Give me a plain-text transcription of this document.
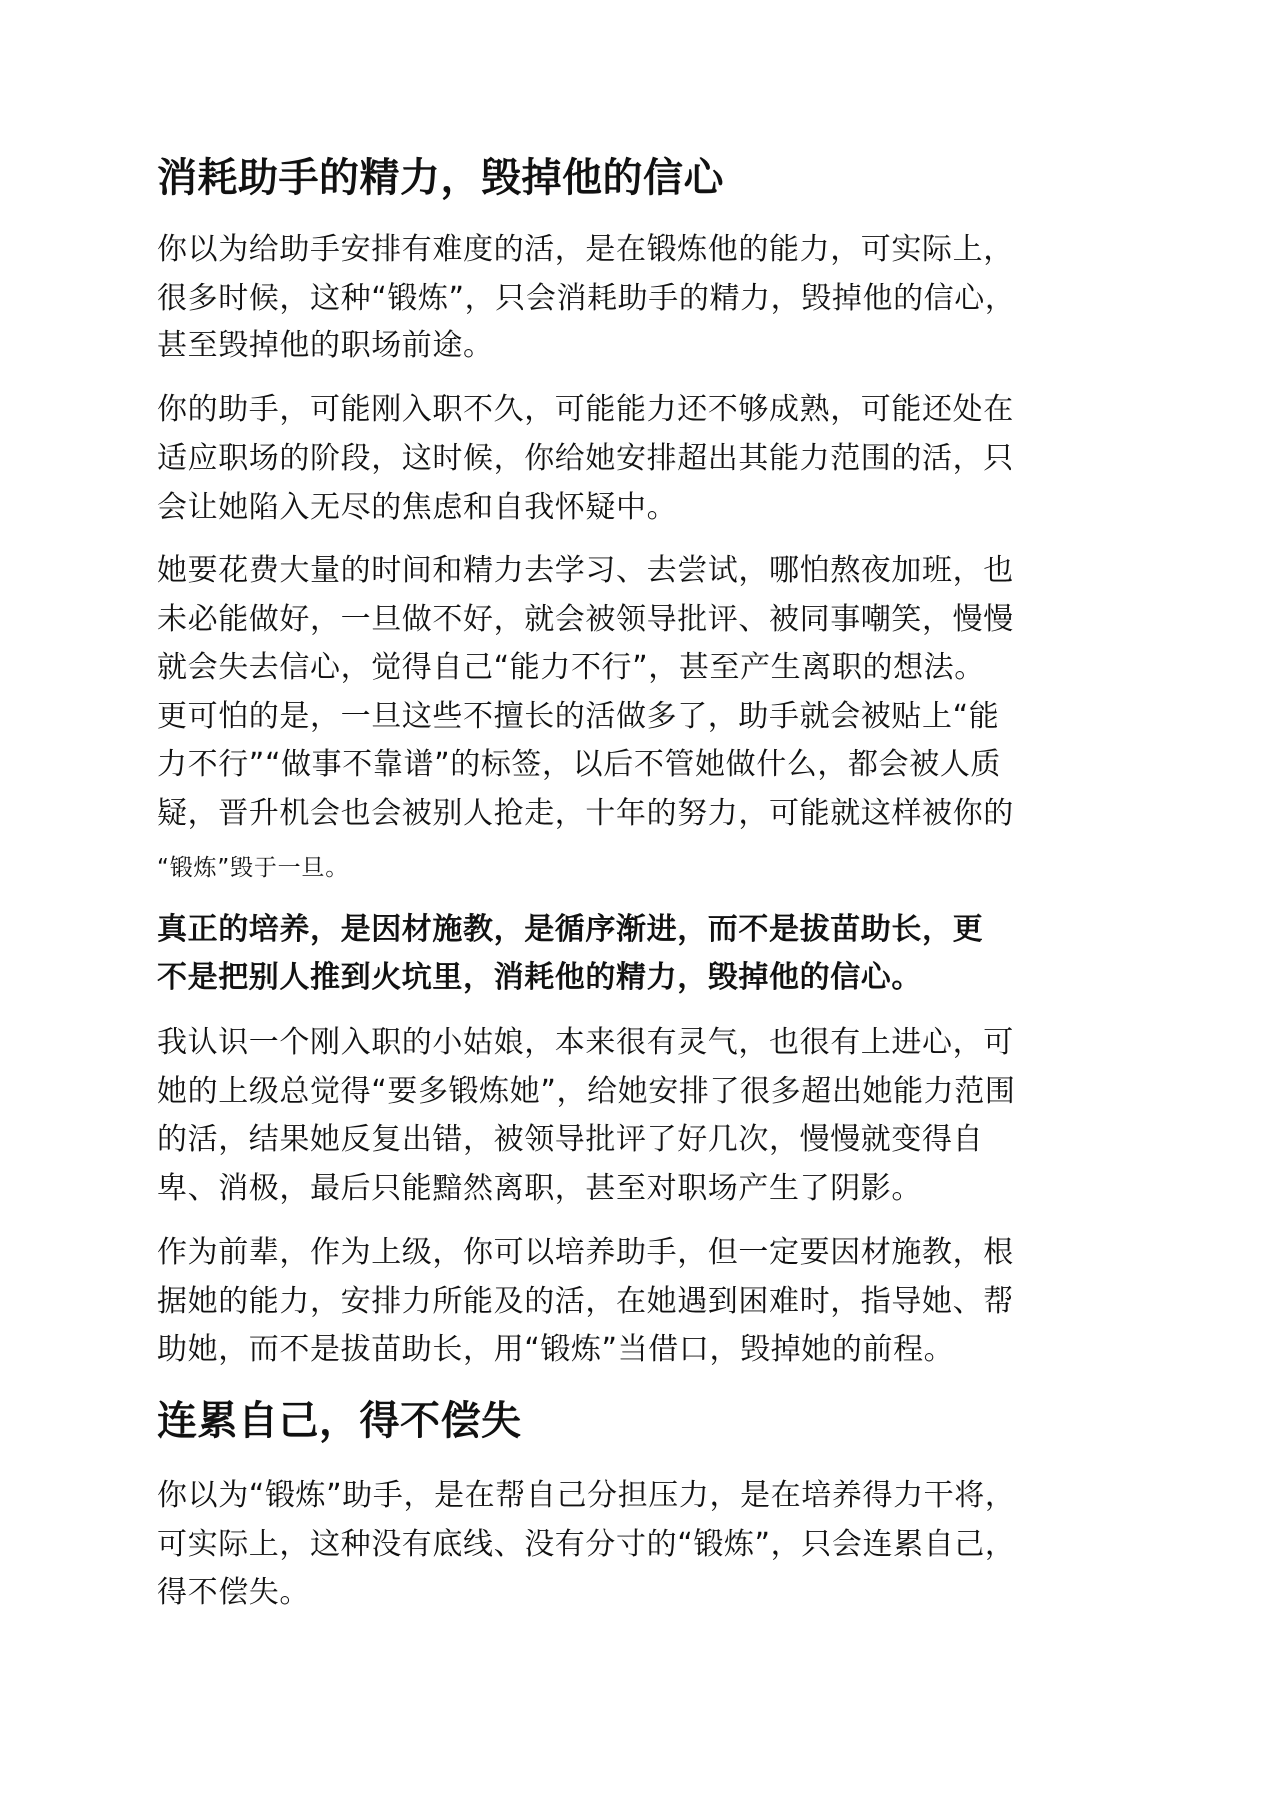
消耗助手的精力，毁掉他的信心
你以为给助手安排有难度的活，是在锻炼他的能力，可实际上，
很多时候，这种“锻炼”，只会消耗助手的精力，毁掉他的信心，
甚至毁掉他的职场前途。
你的助手，可能刚入职不久，可能能力还不够成熟，可能还处在
适应职场的阶段，这时候，你给她安排超出其能力范围的活，只
会让她陷入无尽的焦虑和自我怀疑中。
她要花费大量的时间和精力去学习、去尝试，哪怕熬夜加班，也
未必能做好，一旦做不好，就会被领导批评、被同事嘲笑，慢慢
就会失去信心，觉得自己“能力不行”，甚至产生离职的想法。
更可怕的是，一旦这些不擅长的活做多了，助手就会被贴上“能
力不行”“做事不靠谱”的标签，以后不管她做什么，都会被人质
疑，晋升机会也会被别人抢走，十年的努力，可能就这样被你的
“锻炼”毁于一旦。
真正的培养，是因材施教，是循序渐进，而不是拔苗助长，更
不是把别人推到火坑里，消耗他的精力，毁掉他的信心。
我认识一个刚入职的小姑娘，本来很有灵气，也很有上进心，可
她的上级总觉得“要多锻炼她”，给她安排了很多超出她能力范围
的活，结果她反复出错，被领导批评了好几次，慢慢就变得自
卑、消极，最后只能黯然离职，甚至对职场产生了阴影。
作为前辈，作为上级，你可以培养助手，但一定要因材施教，根
据她的能力，安排力所能及的活，在她遇到困难时，指导她、帮
助她，而不是拔苗助长，用“锻炼”当借口，毁掉她的前程。
连累自己，得不偿失
你以为“锻炼”助手，是在帮自己分担压力，是在培养得力干将，
可实际上，这种没有底线、没有分寸的“锻炼”，只会连累自己，
得不偿失。
